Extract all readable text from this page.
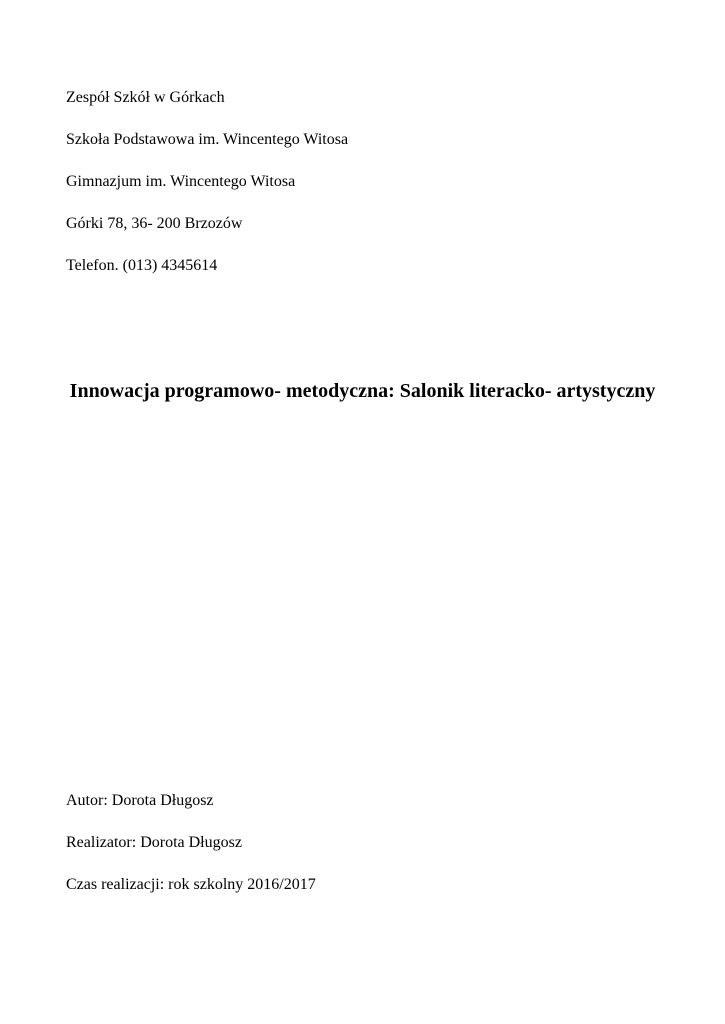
Zespół Szkół w Górkach
Szkoła Podstawowa im. Wincentego Witosa
Gimnazjum im. Wincentego Witosa
Górki 78, 36- 200 Brzozów
Telefon. (013) 4345614
Innowacja programowo- metodyczna: Salonik literacko- artystyczny
Autor: Dorota Długosz
Realizator: Dorota Długosz
Czas realizacji: rok szkolny 2016/2017
